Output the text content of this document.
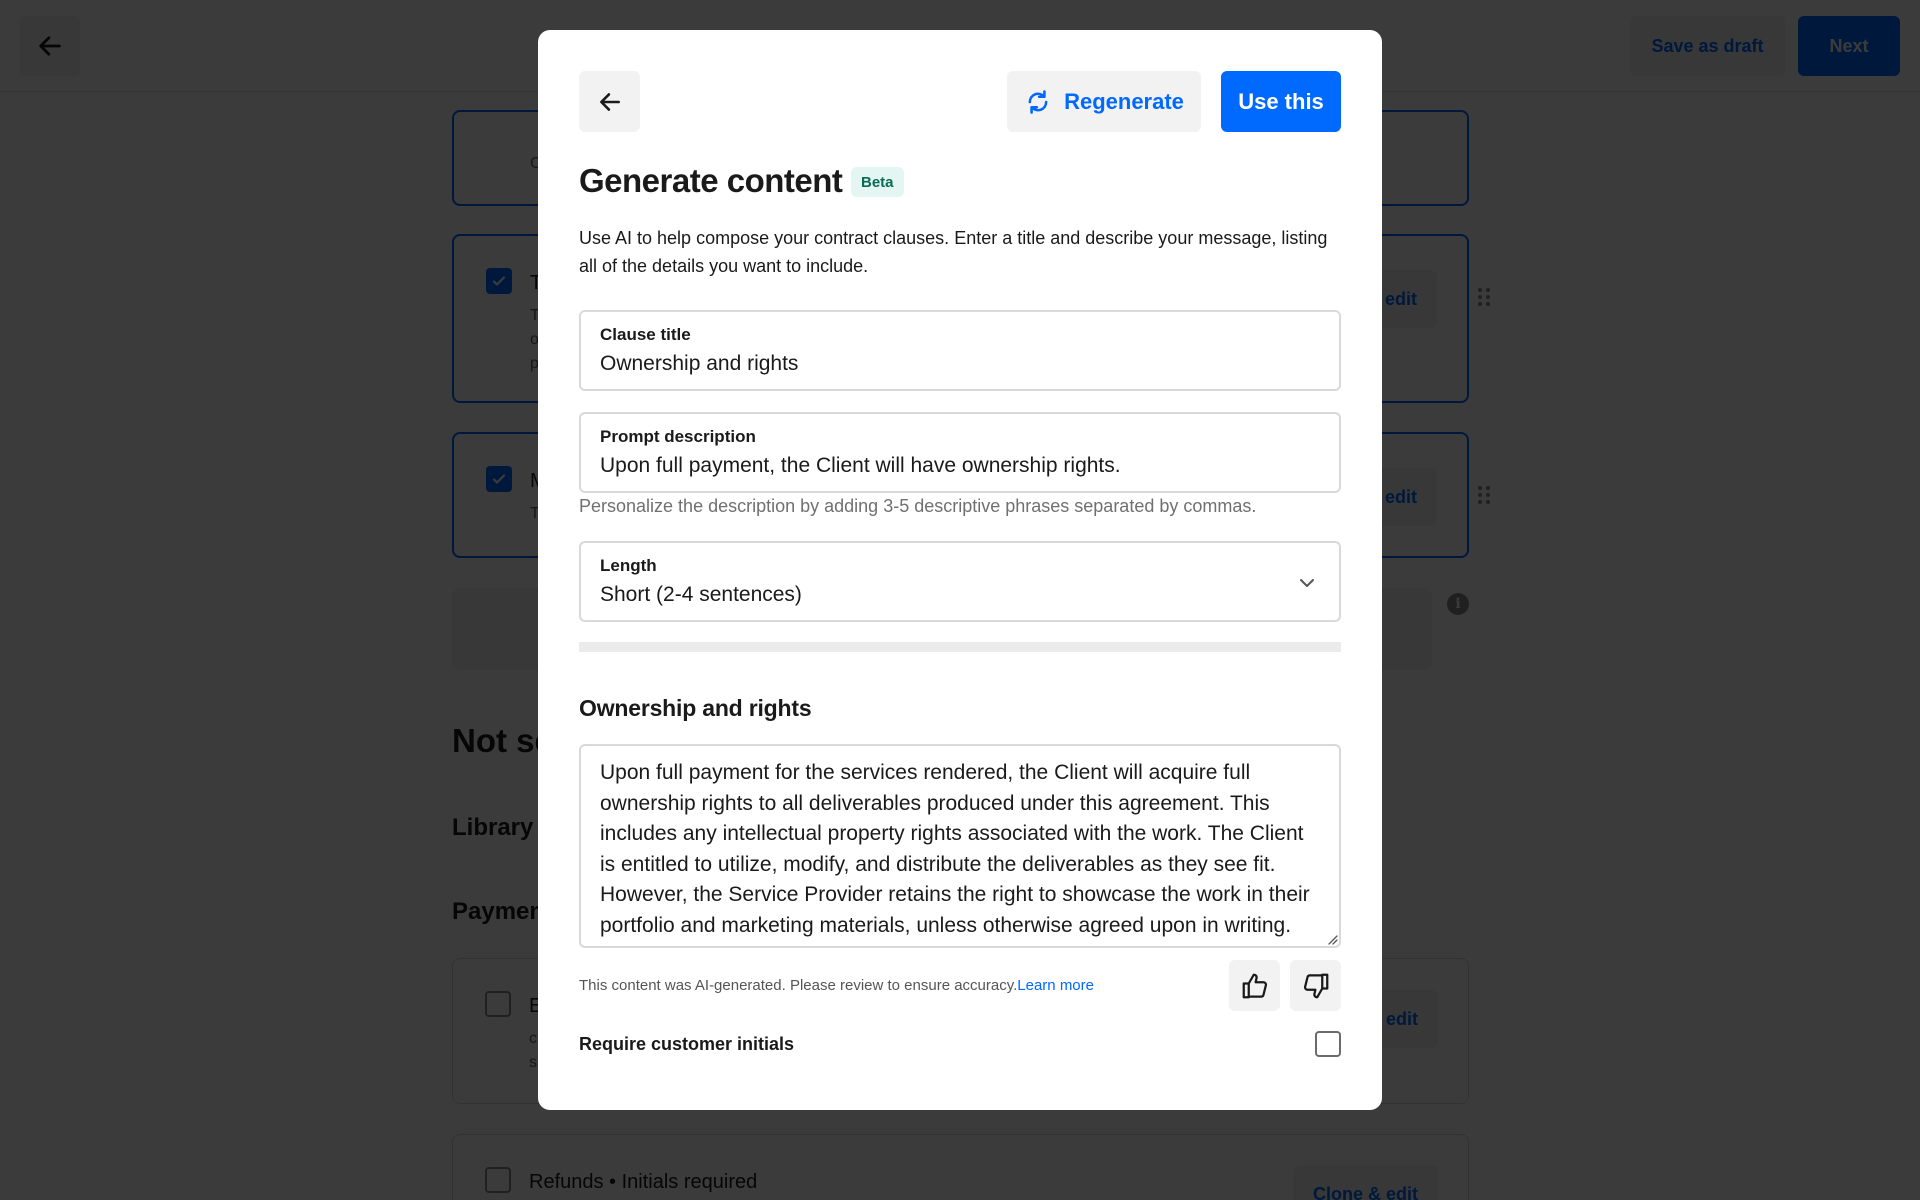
Regenerate	Use this
Generate content	Beta
Use AI to help compose your contract clauses. Enter a title and describe your message, listing all of the details you want to include.
Clause title
Ownership and rights
Prompt description
Upon full payment, the Client will have ownership rights.
Personalize the description by adding 3-5 descriptive phrases separated by commas.
Length
Short (2-4 sentences)
Ownership and rights
Upon full payment for the services rendered, the Client will acquire full ownership rights to all deliverables produced under this agreement. This includes any intellectual property rights associated with the work. The Client is entitled to utilize, modify, and distribute the deliverables as they see fit. However, the Service Provider retains the right to showcase the work in their portfolio and marketing materials, unless otherwise agreed upon in writing.
This content was AI-generated. Please review to ensure accuracy.Learn more
Require customer initials
